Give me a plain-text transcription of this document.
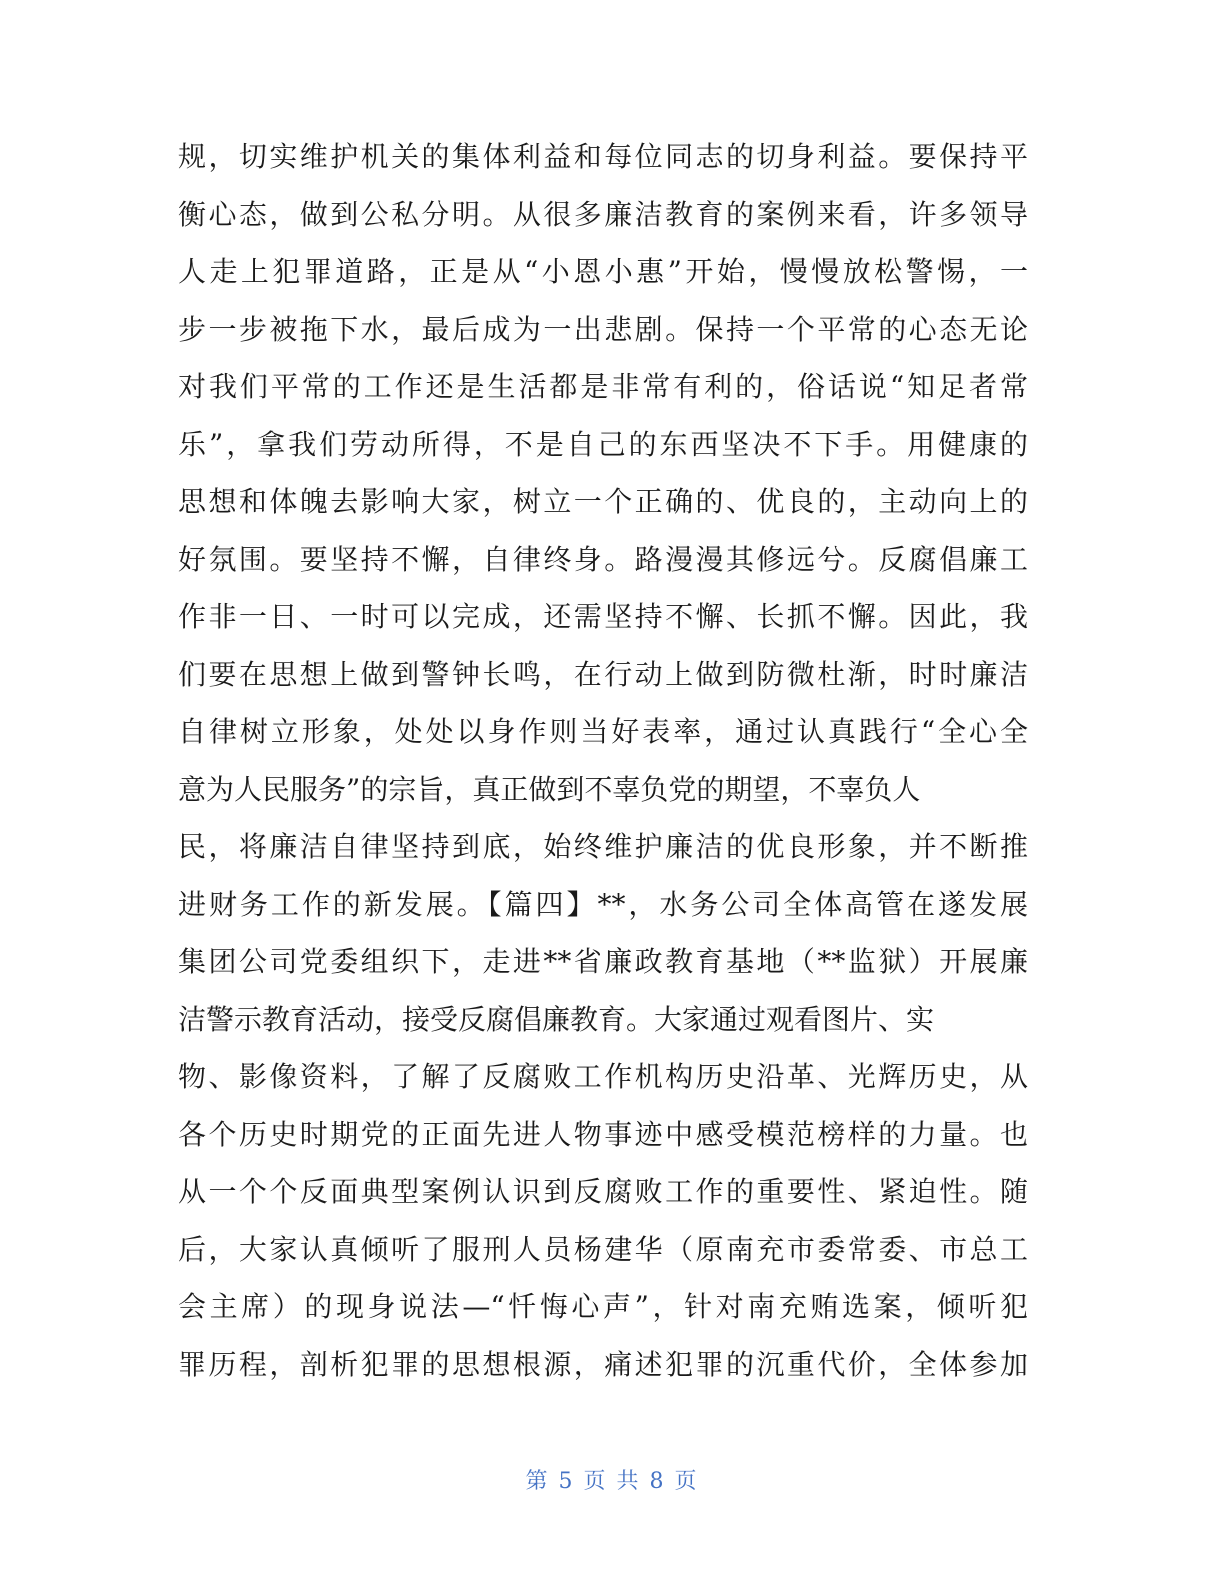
规，切实维护机关的集体利益和每位同志的切身利益。要保持平
衡心态，做到公私分明。从很多廉洁教育的案例来看，许多领导
人走上犯罪道路，正是从“小恩小惠”开始，慢慢放松警惕，一
步一步被拖下水，最后成为一出悲剧。保持一个平常的心态无论
对我们平常的工作还是生活都是非常有利的，俗话说“知足者常
乐”，拿我们劳动所得，不是自己的东西坚决不下手。用健康的
思想和体魄去影响大家，树立一个正确的、优良的，主动向上的
好氛围。要坚持不懈，自律终身。路漫漫其修远兮。反腐倡廉工
作非一日、一时可以完成，还需坚持不懈、长抓不懈。因此，我
们要在思想上做到警钟长鸣，在行动上做到防微杜渐，时时廉洁
自律树立形象，处处以身作则当好表率，通过认真践行“全心全
意为人民服务”的宗旨，真正做到不辜负党的期望，不辜负人
民，将廉洁自律坚持到底，始终维护廉洁的优良形象，并不断推
进财务工作的新发展。【篇四】**，水务公司全体高管在遂发展
集团公司党委组织下，走进**省廉政教育基地（**监狱）开展廉
洁警示教育活动，接受反腐倡廉教育。大家通过观看图片、实
物、影像资料，了解了反腐败工作机构历史沿革、光辉历史，从
各个历史时期党的正面先进人物事迹中感受模范榜样的力量。也
从一个个反面典型案例认识到反腐败工作的重要性、紧迫性。随
后，大家认真倾听了服刑人员杨建华（原南充市委常委、市总工
会主席）的现身说法—“忏悔心声”，针对南充贿选案，倾听犯
罪历程，剖析犯罪的思想根源，痛述犯罪的沉重代价，全体参加
第 5 页 共 8 页
